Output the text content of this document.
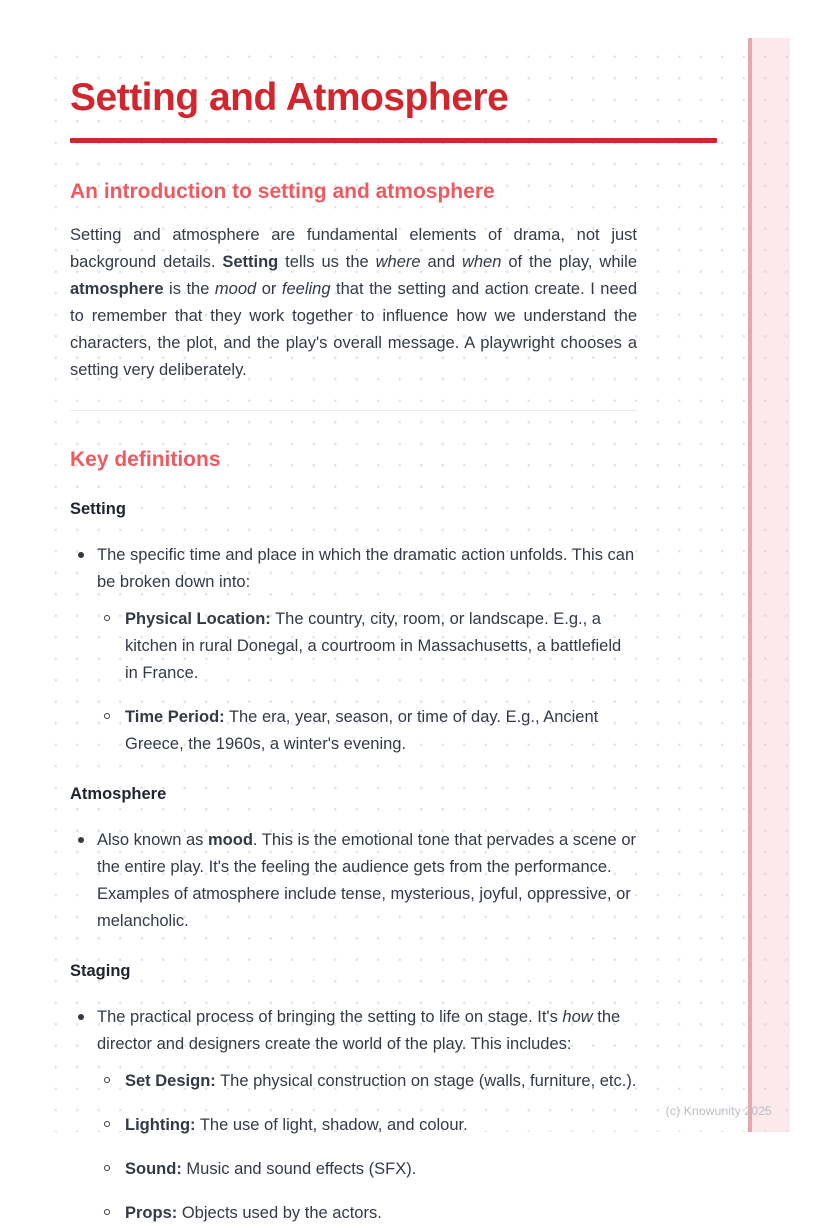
Setting and Atmosphere
An introduction to setting and atmosphere

Setting and atmosphere are fundamental elements of drama, not just background details. Setting tells us the where and when of the play, while atmosphere is the mood or feeling that the setting and action create. I need to remember that they work together to influence how we understand the characters, the plot, and the play's overall message. A playwright chooses a setting very deliberately.

Key definitions
Setting
The specific time and place in which the dramatic action unfolds. This can be broken down into:
Physical Location: The country, city, room, or landscape. E.g., a kitchen in rural Donegal, a courtroom in Massachusetts, a battlefield in France.
Time Period: The era, year, season, or time of day. E.g., Ancient Greece, the 1960s, a winter's evening.
Atmosphere
Also known as mood. This is the emotional tone that pervades a scene or the entire play. It's the feeling the audience gets from the performance. Examples of atmosphere include tense, mysterious, joyful, oppressive, or melancholic.
Staging
The practical process of bringing the setting to life on stage. It's how the director and designers create the world of the play. This includes:
Set Design: The physical construction on stage (walls, furniture, etc.).
Lighting: The use of light, shadow, and colour.
Sound: Music and sound effects (SFX).
Props: Objects used by the actors.
(c) Knowunity 2025
